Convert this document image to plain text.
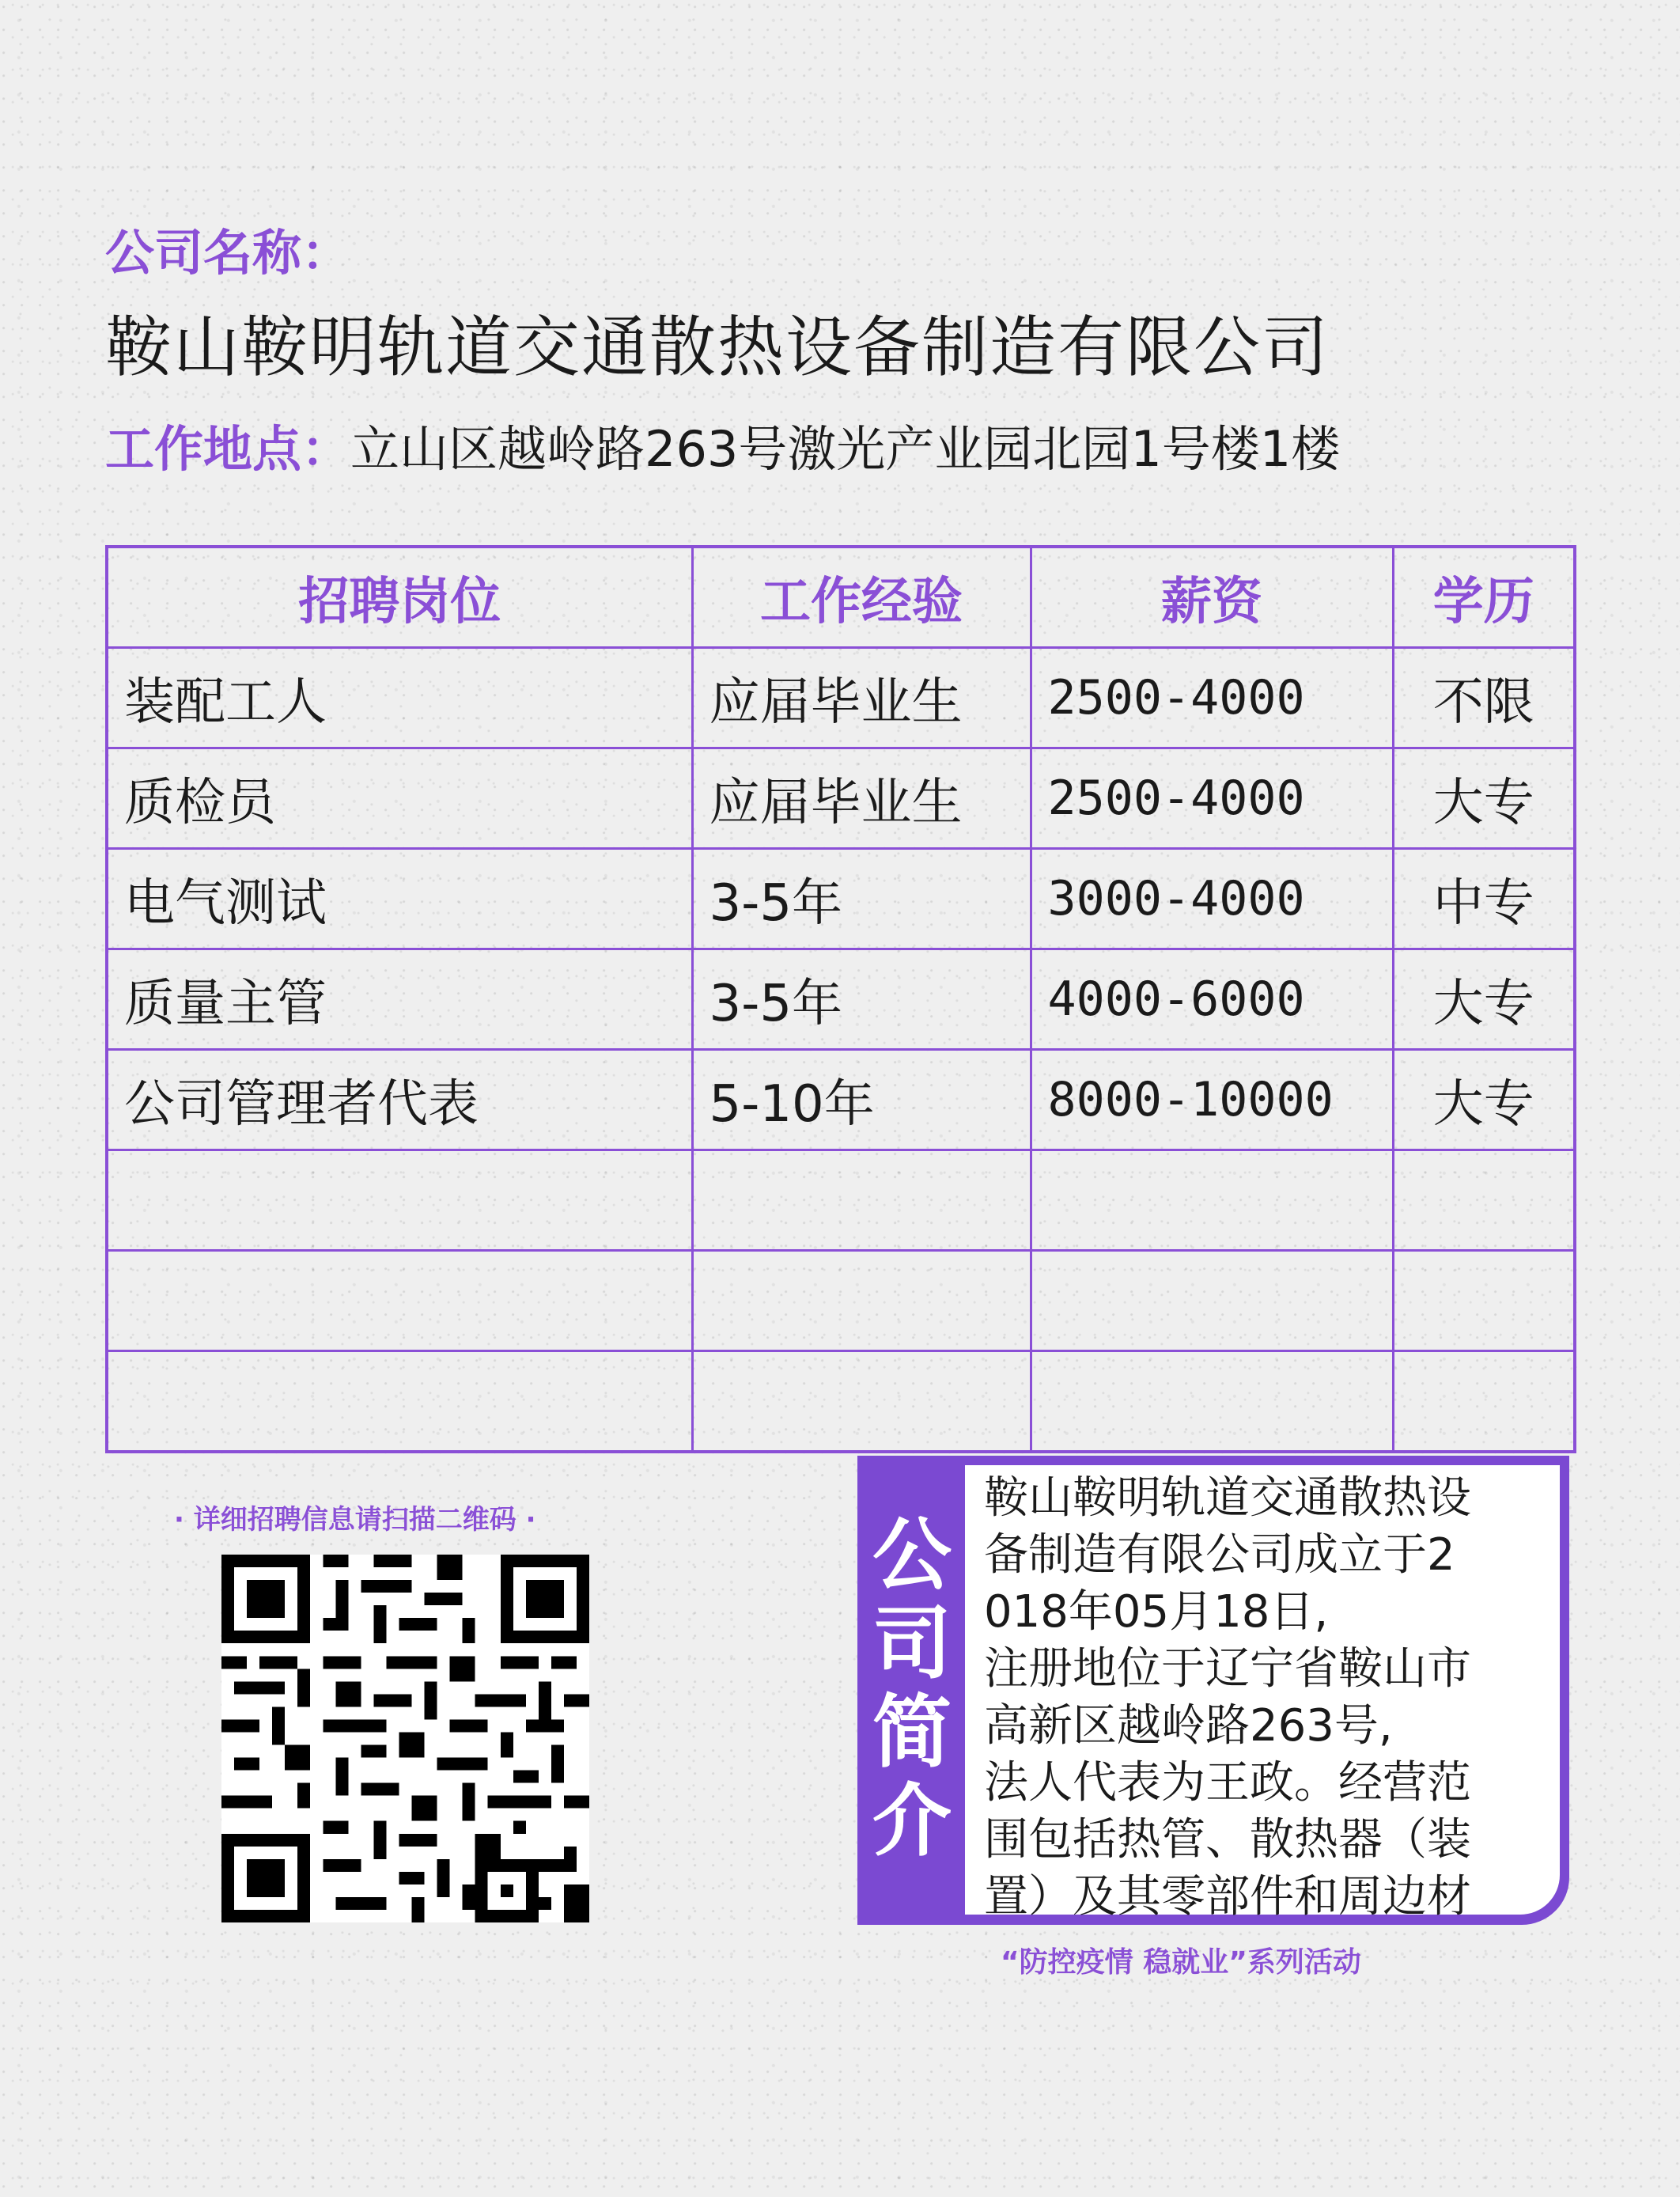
公司名称：
鞍山鞍明轨道交通散热设备制造有限公司
工作地点：立山区越岭路263号激光产业园北园1号楼1楼
招聘岗位	工作经验	薪资	学历
装配工人	应届毕业生	2500-4000	不限
质检员	应届毕业生	2500-4000	大专
电气测试	3-5年	3000-4000	中专
质量主管	3-5年	4000-6000	大专
公司管理者代表	5-10年	8000-10000	大专

· 详细招聘信息请扫描二维码 ·	公
司
简
介
鞍山鞍明轨道交通散热设
备制造有限公司成立于2
018年05月18日,
注册地位于辽宁省鞍山市
高新区越岭路263号,
法人代表为王政。经营范
围包括热管、散热器（装
置）及其零部件和周边材
“防控疫情 稳就业”系列活动
